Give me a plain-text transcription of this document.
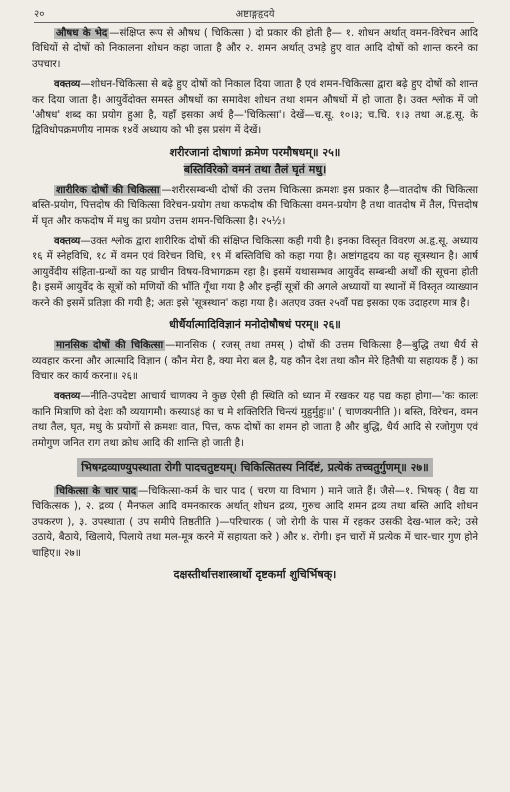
२०	अष्टाङ्गहृदये

औषध के भेद —संक्षिप्त रूप से औषध ( चिकित्सा ) दो प्रकार की होती है— १. शोधन अर्थात् वमन-विरेचन आदि विधियों से दोषों को निकालना शोधन कहा जाता है और २. शमन अर्थात् उभड़े हुए वात आदि दोषों को शान्त करने का उपचार।

वक्तव्य—शोधन-चिकित्सा से बढ़े हुए दोषों को निकाल दिया जाता है एवं शमन-चिकित्सा द्वारा बढ़े हुए दोषों को शान्त कर दिया जाता है। आयुर्वेदोक्त समस्त औषधों का समावेश शोधन तथा शमन औषधों में हो जाता है। उक्त श्लोक में जो 'औषध' शब्द का प्रयोग हुआ है, यहाँ इसका अर्थ है—'चिकित्सा'। देखें—च.सू. १०।३; च.चि. १।३ तथा अ.हृ.सू. के द्विविधोपक्रमणीय नामक १४वें अध्याय को भी इस प्रसंग में देखें।

शरीरजानां दोषाणां क्रमेण परमौषधम्॥ २५॥
बस्तिर्विरेको वमनं तथा तैलं घृतं मधु।

शारीरिक दोषों की चिकित्सा —शरीरसम्बन्धी दोषों की उत्तम चिकित्सा क्रमशः इस प्रकार है—वातदोष की चिकित्सा बस्ति-प्रयोग, पित्तदोष की चिकित्सा विरेचन-प्रयोग तथा कफदोष की चिकित्सा वमन-प्रयोग है तथा वातदोष में तैल, पित्तदोष में घृत और कफदोष में मधु का प्रयोग उत्तम शमन-चिकित्सा है। २५½।

वक्तव्य—उक्त श्लोक द्वारा शारीरिक दोषों की संक्षिप्त चिकित्सा कही गयी है। इनका विस्तृत विवरण अ.हृ.सू. अध्याय १६ में स्नेहविधि, १८ में वमन एवं विरेचन विधि, १९ में बस्तिविधि को कहा गया है। अष्टांगहृदय का यह सूत्रस्थान है। आर्ष आयुर्वेदीय संहिता-ग्रन्थों का यह प्राचीन विषय-विभागक्रम रहा है। इसमें यथासम्भव आयुर्वेद सम्बन्धी अर्थों की सूचना होती है। इसमें आयुर्वेद के सूत्रों को मणियों की भाँति गूँथा गया है और इन्हीं सूत्रों की अगले अध्यायों या स्थानों में विस्तृत व्याख्यान करने की इसमें प्रतिज्ञा की गयी है; अतः इसे 'सूत्रस्थान' कहा गया है। अतएव उक्त २५वाँ पद्य इसका एक उदाहरण मात्र है।

धीर्धैर्यात्मादिविज्ञानं मनोदोषौषधं परम्॥ २६॥

मानसिक दोषों की चिकित्सा —मानसिक ( रजस् तथा तमस् ) दोषों की उत्तम चिकित्सा है—बुद्धि तथा धैर्य से व्यवहार करना और आत्मादि विज्ञान ( कौन मेरा है, क्या मेरा बल है, यह कौन देश तथा कौन मेरे हितैषी या सहायक हैं ) का विचार कर कार्य करना॥ २६॥

वक्तव्य—नीति-उपदेष्टा आचार्य चाणक्य ने कुछ ऐसी ही स्थिति को ध्यान में रखकर यह पद्य कहा होगा—'कः कालः कानि मित्राणि को देशः कौ व्ययागमौ। कस्याऽहं का च मे शक्तिरिति चिन्त्यं मुहुर्मुहुः॥' ( चाणक्यनीति )। बस्ति, विरेचन, वमन तथा तैल, घृत, मधु के प्रयोगों से क्रमशः वात, पित्त, कफ दोषों का शमन हो जाता है और बुद्धि, धैर्य आदि से रजोगुण एवं तमोगुण जनित राग तथा क्रोध आदि की शान्ति हो जाती है।

भिषग्द्रव्याण्युपस्थाता रोगी पादचतुष्टयम्। चिकित्सितस्य निर्दिष्टं, प्रत्येकं तच्चतुर्गुणम्॥ २७॥

चिकित्सा के चार पाद —चिकित्सा-कर्म के चार पाद ( चरण या विभाग ) माने जाते हैं। जैसे—१. भिषक् ( वैद्य या चिकित्सक ), २. द्रव्य ( मैनफल आदि वमनकारक अर्थात् शोधन द्रव्य, गुरुच आदि शमन द्रव्य तथा बस्ति आदि शोधन उपकरण ), ३. उपस्थाता ( उप समीपे तिष्ठतीति )—परिचारक ( जो रोगी के पास में रहकर उसकी देख-भाल करे; उसे उठाये, बैठाये, खिलाये, पिलाये तथा मल-मूत्र करने में सहायता करे ) और ४. रोगी। इन चारों में प्रत्येक में चार-चार गुण होने चाहिए॥ २७॥

दक्षस्तीर्थात्तशास्त्रार्थो दृष्टकर्मा शुचिर्भिषक्।
